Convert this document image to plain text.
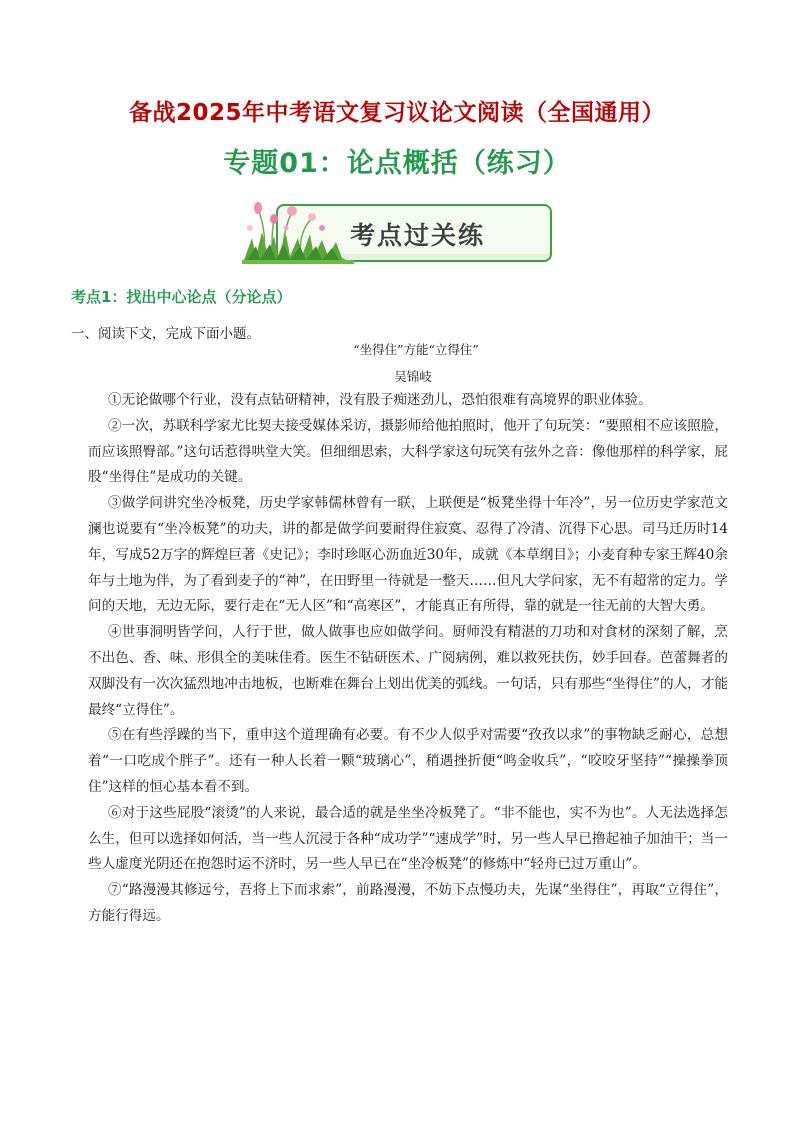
备战2025年中考语文复习议论文阅读（全国通用）
专题01：论点概括（练习）
考点过关练
考点1：找出中心论点（分论点）
一、阅读下文，完成下面小题。
“坐得住”方能“立得住”
吴锦岐

①无论做哪个行业，没有点钻研精神，没有股子痴迷劲儿，恐怕很难有高境界的职业体验。

②一次，苏联科学家尤比契夫接受媒体采访，摄影师给他拍照时，他开了句玩笑：“要照相不应该照脸，而应该照臀部。”这句话惹得哄堂大笑。但细细思索，大科学家这句玩笑有弦外之音：像他那样的科学家，屁股“坐得住”是成功的关键。

③做学问讲究坐冷板凳，历史学家韩儒林曾有一联，上联便是“板凳坐得十年冷”，另一位历史学家范文澜也说要有“坐冷板凳”的功夫，讲的都是做学问要耐得住寂寞、忍得了冷清、沉得下心思。司马迁历时14年，写成52万字的辉煌巨著《史记》；李时珍呕心沥血近30年，成就《本草纲目》；小麦育种专家王辉40余年与土地为伴，为了看到麦子的“神”，在田野里一待就是一整天……但凡大学问家，无不有超常的定力。学问的天地，无边无际，要行走在“无人区”和“高寒区”，才能真正有所得，靠的就是一往无前的大智大勇。

④世事洞明皆学问，人行于世，做人做事也应如做学问。厨师没有精湛的刀功和对食材的深刻了解，烹不出色、香、味、形俱全的美味佳肴。医生不钻研医术、广阅病例，难以救死扶伤，妙手回春。芭蕾舞者的双脚没有一次次猛烈地冲击地板，也断难在舞台上划出优美的弧线。一句话，只有那些“坐得住”的人，才能最终“立得住”。

⑤在有些浮躁的当下，重申这个道理确有必要。有不少人似乎对需要“孜孜以求”的事物缺乏耐心，总想着“一口吃成个胖子”。还有一种人长着一颗“玻璃心”，稍遇挫折便“鸣金收兵”，“咬咬牙坚持”“操操拳顶住”这样的恒心基本看不到。

⑥对于这些屁股“滚烫”的人来说，最合适的就是坐坐冷板凳了。“非不能也，实不为也”。人无法选择怎么生，但可以选择如何活，当一些人沉浸于各种“成功学”“速成学”时，另一些人早已撸起袖子加油干；当一些人虚度光阴还在抱怨时运不济时，另一些人早已在“坐冷板凳”的修炼中“轻舟已过万重山”。

⑦“路漫漫其修远兮，吾将上下而求索”，前路漫漫，不妨下点慢功夫，先谋“坐得住”，再取“立得住”，方能行得远。
